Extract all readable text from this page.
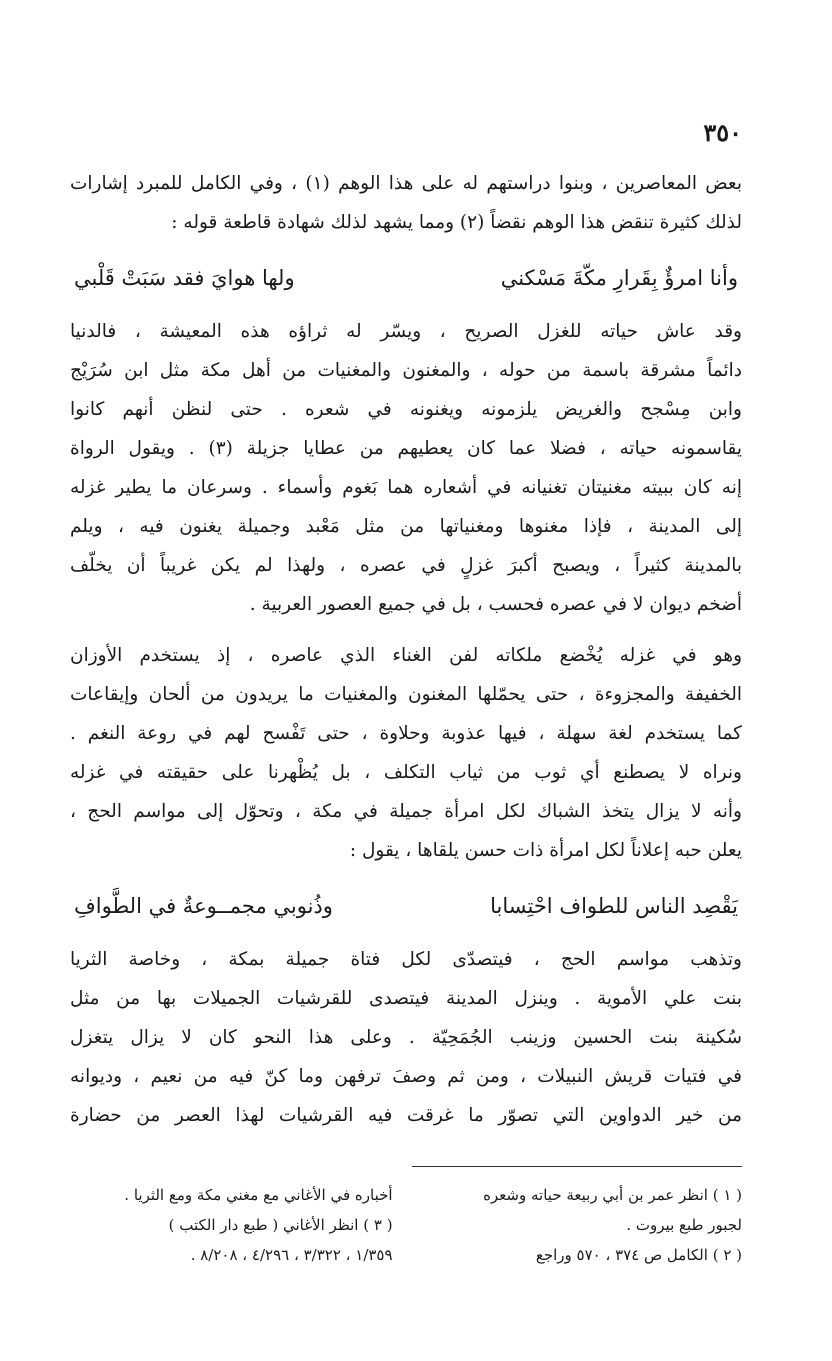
٣٥٠

بعض المعاصرين ، وبنوا دراستهم له على هذا الوهم (١) ، وفي الكامل للمبرد إشارات
لذلك كثيرة تنقض هذا الوهم نقضاً (٢) ومما يشهد لذلك شهادة قاطعة قوله :

وأنا امرؤٌ بِقَرارِ مكّةَ مَسْكني
ولها هوايَ فقد سَبَتْ قَلْبي

وقد عاش حياته للغزل الصريح ، ويسّر له ثراؤه هذه المعيشة ، فالدنيا
دائماً مشرقة باسمة من حوله ، والمغنون والمغنيات من أهل مكة مثل ابن سُرَيْج
وابن مِسْجح والغريض يلزمونه ويغنونه في شعره . حتى لنظن أنهم كانوا
يقاسمونه حياته ، فضلا عما كان يعطيهم من عطايا جزيلة (٣) . ويقول الرواة
إنه كان ببيته مغنيتان تغنيانه في أشعاره هما بَغوم وأسماء . وسرعان ما يطير غزله
إلى المدينة ، فإذا مغنوها ومغنياتها من مثل مَعْبد وجميلة يغنون فيه ، ويلم
بالمدينة كثيراً ، ويصبح أكبرَ غزلٍ في عصره ، ولهذا لم يكن غريباً أن يخلّف
أضخم ديوان لا في عصره فحسب ، بل في جميع العصور العربية .

وهو في غزله يُخْضع ملكاته لفن الغناء الذي عاصره ، إذ يستخدم الأوزان
الخفيفة والمجزوءة ، حتى يحمّلها المغنون والمغنيات ما يريدون من ألحان وإيقاعات
كما يستخدم لغة سهلة ، فيها عذوبة وحلاوة ، حتى تَفْسح لهم في روعة النغم .
ونراه لا يصطنع أي ثوب من ثياب التكلف ، بل يُظْهرنا على حقيقته في غزله
وأنه لا يزال يتخذ الشباك لكل امرأة جميلة في مكة ، وتحوّل إلى مواسم الحج ،
يعلن حبه إعلاناً لكل امرأة ذات حسن يلقاها ، يقول :

يَقْصِد الناس للطواف احْتِسابا
وذُنوبي مجمــوعةٌ في الطَّوافِ

وتذهب مواسم الحج ، فيتصدّى لكل فتاة جميلة بمكة ، وخاصة الثريا
بنت علي الأموية . وينزل المدينة فيتصدى للقرشيات الجميلات بها من مثل
سُكينة بنت الحسين وزينب الجُمَحِيّة . وعلى هذا النحو كان لا يزال يتغزل
في فتيات قريش النبيلات ، ومن ثم وصفَ ترفهن وما كنّ فيه من نعيم ، وديوانه
من خير الدواوين التي تصوّر ما غرقت فيه القرشيات لهذا العصر من حضارة

( ١ ) انظر عمر بن أبي ربيعة حياته وشعره
لجبور طبع بيروت .
( ٢ ) الكامل ص ٣٧٤ ، ٥٧٠ وراجع
أخباره في الأغاني مع مغني مكة ومع الثريا .
( ٣ ) انظر الأغاني ( طبع دار الكتب )
١/٣٥٩ ، ٣/٣٢٢ ، ٤/٢٩٦ ، ٨/٢٠٨ .
